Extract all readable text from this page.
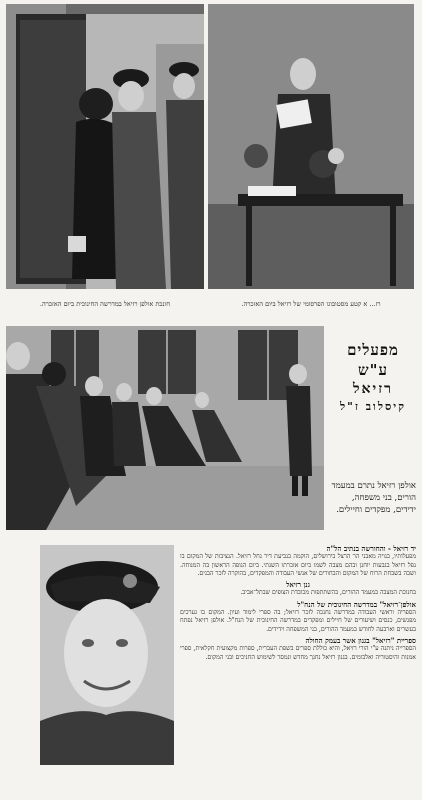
חונכת אולפן רזיאל במדרשה החינוכית ביום האזכרה.	רז... א קטע מסטובוגו הפרסומי של רזיאל ביום האזכרה.
מפעלים ע"ש
רזיאל
קיסלוב ז"ל

אולפן רזיאל נתרם במעמד הורים, בני משפחה, ידידים, מפקדים וחיילים.

יד רזיאל - והחורשה בנתיב הל"ה
מפעלותיו, בנויה מאבני הר הרצל בירושלים, הוקמה בנביעת דיר נחל רזיאל. הנציבות של המקום בו נפל רזיאל בגבעות יוחנן ובהם מצבה לשמו ביום אזכרתו השנתי. ביום הנופה הראשון בה המנוחה. ושבה בשבחת הרוח של המקום והבחורים של אנשי העבודה והמפקדים, בהוקרה לזכר הבנים.
גנן רזיאל
בחנוכת המצבה במעמד ההורים, בהשתתפות מכובדת הצופים שבתל־אביב.
אולפן־רזיאל" במדרשה החינוכית של הנח"ל
הספריה וראשי העבודה במדרשה נחנכה לזכר רזיאל; בה ספרי לימוד ועיון. המקום בו נערכים מפגשים, כנסים ושיעורים של חיילים ומפקדים במדרשה החינוכית של הנח"ל. אולפן רזיאל נפתח בעשרים וארבעה לחודש במעמד ההורים, בני המשפחה וידידים.
ספריית "רזיאל" בגנון אשר בעמק החולה
הספרייה ניתנה ע"י הורי רזיאל, והיא כוללת ספרים בשפת העברית, ספרות מקצועית חקלאית, ספרי אמנות והיסטוריה ואלבומים. בגנון רזיאל נחנך מחדש ונמסר לשימוש החניכים ובני המקום.
